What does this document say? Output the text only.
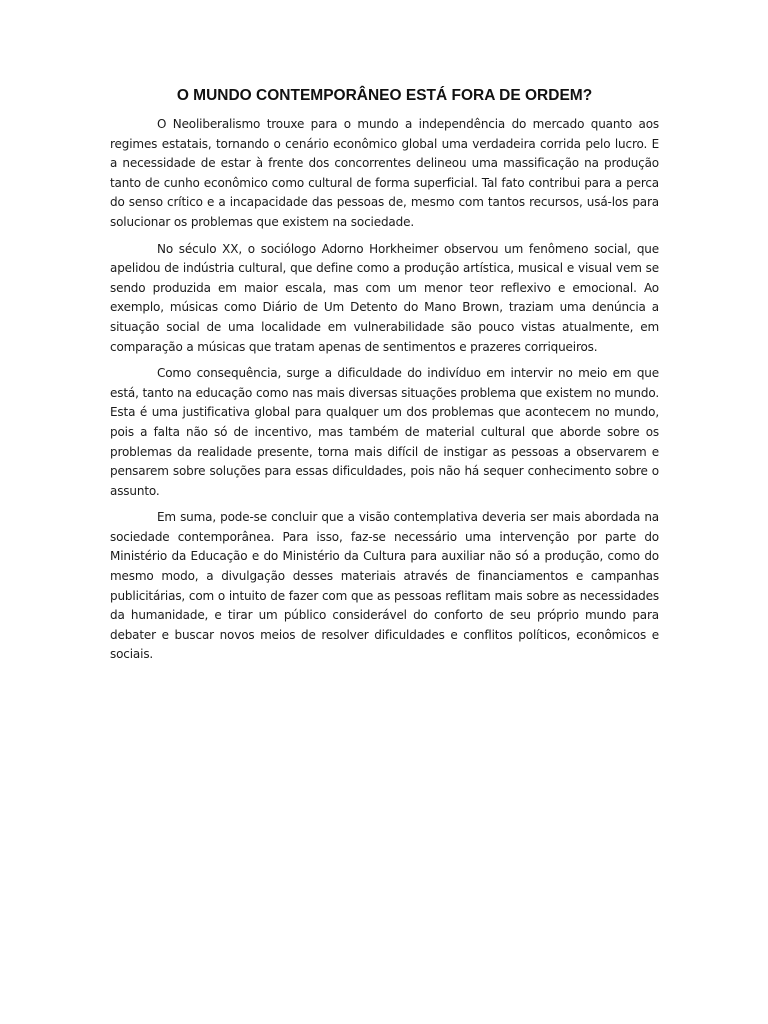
O MUNDO CONTEMPORÂNEO ESTÁ FORA DE ORDEM?

O Neoliberalismo trouxe para o mundo a independência do mercado quanto aos regimes estatais, tornando o cenário econômico global uma verdadeira corrida pelo lucro. E a necessidade de estar à frente dos concorrentes delineou uma massificação na produção tanto de cunho econômico como cultural de forma superficial. Tal fato contribui para a perca do senso crítico e a incapacidade das pessoas de, mesmo com tantos recursos, usá-los para solucionar os problemas que existem na sociedade.

No século XX, o sociólogo Adorno Horkheimer observou um fenômeno social, que apelidou de indústria cultural, que define como a produção artística, musical e visual vem se sendo produzida em maior escala, mas com um menor teor reflexivo e emocional. Ao exemplo, músicas como Diário de Um Detento do Mano Brown, traziam uma denúncia a situação social de uma localidade em vulnerabilidade são pouco vistas atualmente, em comparação a músicas que tratam apenas de sentimentos e prazeres corriqueiros.

Como consequência, surge a dificuldade do indivíduo em intervir no meio em que está, tanto na educação como nas mais diversas situações problema que existem no mundo. Esta é uma justificativa global para qualquer um dos problemas que acontecem no mundo, pois a falta não só de incentivo, mas também de material cultural que aborde sobre os problemas da realidade presente, torna mais difícil de instigar as pessoas a observarem e pensarem sobre soluções para essas dificuldades, pois não há sequer conhecimento sobre o assunto.

Em suma, pode-se concluir que a visão contemplativa deveria ser mais abordada na sociedade contemporânea. Para isso, faz-se necessário uma intervenção por parte do Ministério da Educação e do Ministério da Cultura para auxiliar não só a produção, como do mesmo modo, a divulgação desses materiais através de financiamentos e campanhas publicitárias, com o intuito de fazer com que as pessoas reflitam mais sobre as necessidades da humanidade, e tirar um público considerável do conforto de seu próprio mundo para debater e buscar novos meios de resolver dificuldades e conflitos políticos, econômicos e sociais.
